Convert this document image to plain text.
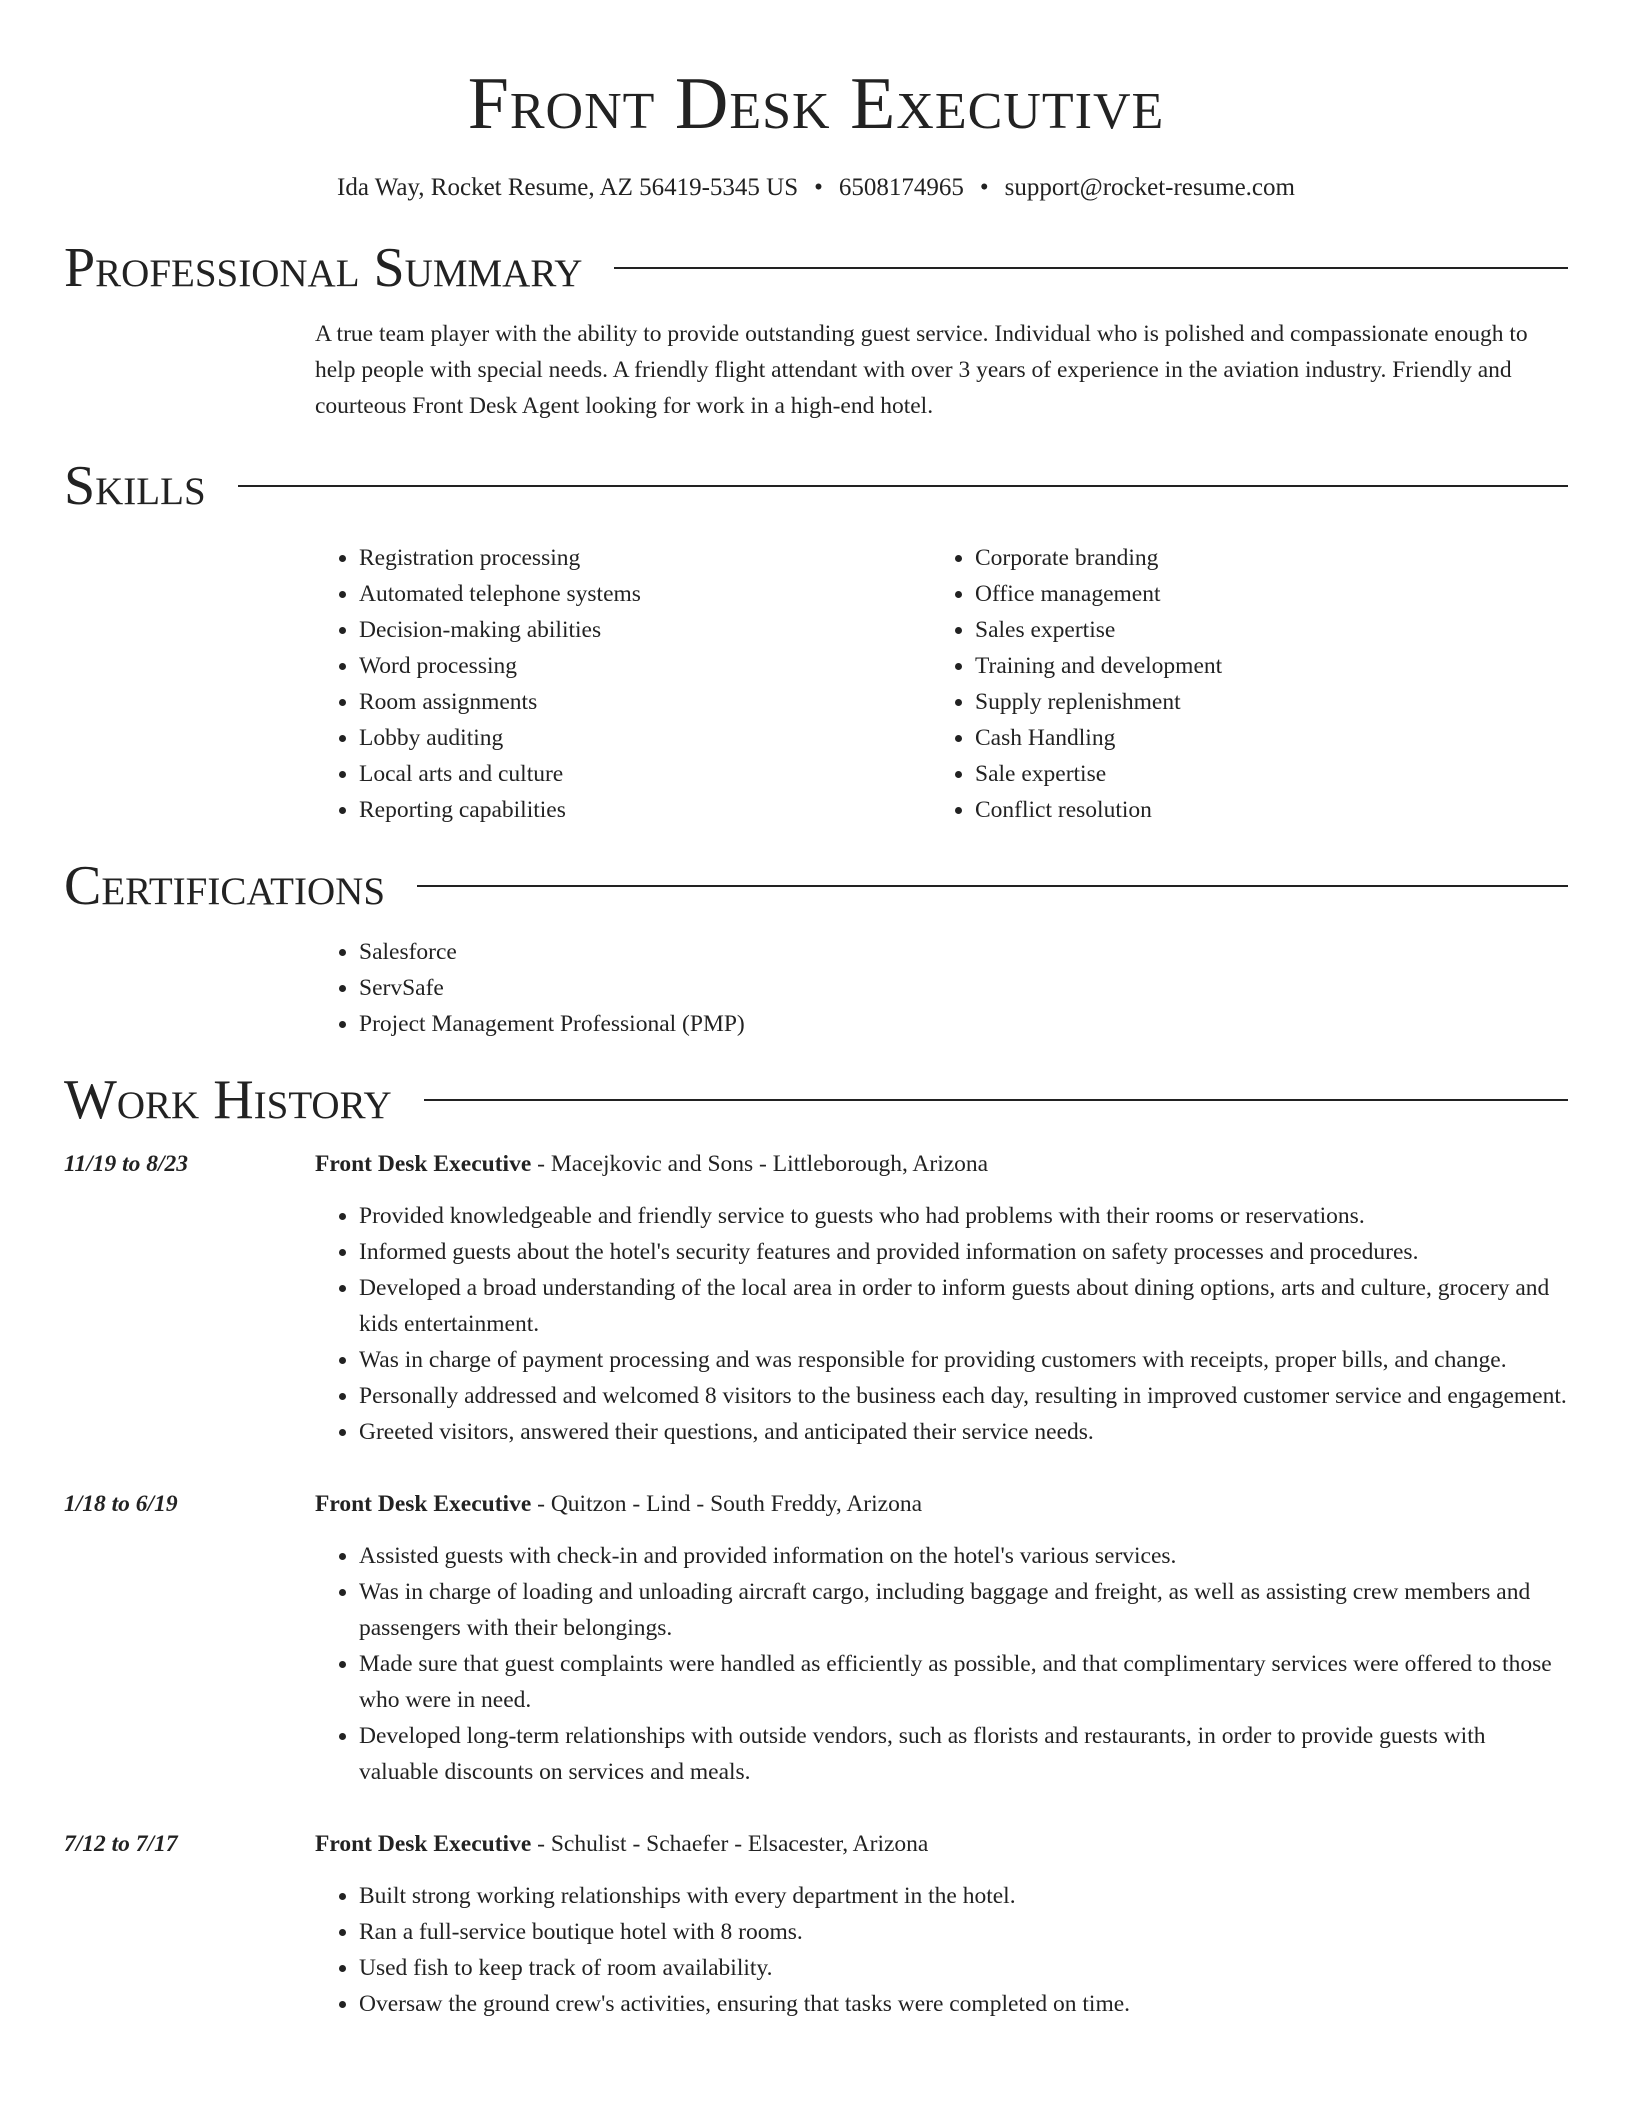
Front Desk Executive
Ida Way, Rocket Resume, AZ 56419-5345 US • 6508174965 • support@rocket-resume.com
Professional Summary

A true team player with the ability to provide outstanding guest service. Individual who is polished and compassionate enough to help people with special needs. A friendly flight attendant with over 3 years of experience in the aviation industry. Friendly and courteous Front Desk Agent looking for work in a high-end hotel.

Skills
• Registration processing
• Automated telephone systems
• Decision-making abilities
• Word processing
• Room assignments
• Lobby auditing
• Local arts and culture
• Reporting capabilities
• Corporate branding
• Office management
• Sales expertise
• Training and development
• Supply replenishment
• Cash Handling
• Sale expertise
• Conflict resolution
Certifications
• Salesforce
• ServSafe
• Project Management Professional (PMP)
Work History
11/19 to 8/23	Front Desk Executive - Macejkovic and Sons - Littleborough, Arizona

• Provided knowledgeable and friendly service to guests who had problems with their rooms or reservations.
• Informed guests about the hotel's security features and provided information on safety processes and procedures.
• Developed a broad understanding of the local area in order to inform guests about dining options, arts and culture, grocery and kids entertainment.
• Was in charge of payment processing and was responsible for providing customers with receipts, proper bills, and change.
• Personally addressed and welcomed 8 visitors to the business each day, resulting in improved customer service and engagement.
• Greeted visitors, answered their questions, and anticipated their service needs.
1/18 to 6/19	Front Desk Executive - Quitzon - Lind - South Freddy, Arizona

• Assisted guests with check-in and provided information on the hotel's various services.
• Was in charge of loading and unloading aircraft cargo, including baggage and freight, as well as assisting crew members and passengers with their belongings.
• Made sure that guest complaints were handled as efficiently as possible, and that complimentary services were offered to those who were in need.
• Developed long-term relationships with outside vendors, such as florists and restaurants, in order to provide guests with valuable discounts on services and meals.
7/12 to 7/17	Front Desk Executive - Schulist - Schaefer - Elsacester, Arizona

• Built strong working relationships with every department in the hotel.
• Ran a full-service boutique hotel with 8 rooms.
• Used fish to keep track of room availability.
• Oversaw the ground crew's activities, ensuring that tasks were completed on time.
